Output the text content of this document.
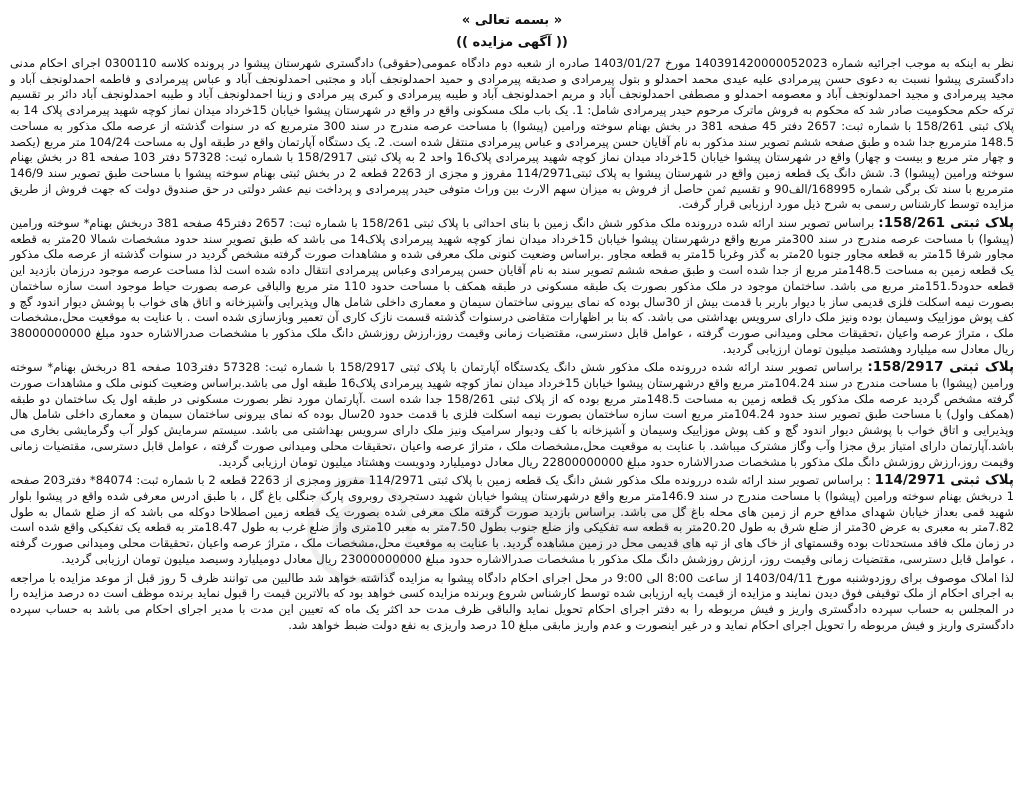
« بسمه تعالی »
(( آگهی مزایده ))

نظر به اینکه به موجب اجرائیه شماره 140391420000052023 مورخ 1403/01/27 صادره از شعبه دوم دادگاه عمومی(حقوقی) دادگستری شهرستان پیشوا در پرونده کلاسه 0300110 اجرای احکام مدنی دادگستری پیشوا نسبت به دعوی حسن پیرمرادی علیه عیدی محمد احمدلو و بتول پیرمرادی و صدیقه پیرمرادی و حمید احمدلونجف آباد و مجتبی احمدلونجف آباد و عباس پیرمرادی و فاطمه احمدلونجف آباد و مجید پیرمرادی و مجید احمدلونجف آباد و معصومه احمدلو و مصطفی احمدلونجف آباد و مریم احمدلونجف آباد و طیبه پیرمرادی و کبری پیر مرادی و زینا احمدلونجف آباد و طیبه احمدلونجف آباد دائر بر تقسیم ترکه حکم محکومیت صادر شد که محکوم به فروش ماترک مرحوم حیدر پیرمرادی شامل: 1. یک باب ملک مسکونی واقع در واقع در شهرستان پیشوا خیابان 15خرداد میدان نماز کوچه شهید پیرمرادی پلاک 14 به پلاک ثبتی 158/261 با شماره ثبت: 2657 دفتر 45 صفحه 381 در بخش بهنام سوخته ورامین (پیشوا) با مساحت عرصه مندرج در سند 300 مترمربع که در سنوات گذشته از عرصه ملک مذکور به مساحت 148.5 مترمربع جدا شده و طبق صفحه ششم تصویر سند مذکور به نام آقایان حسن پیرمرادی و عباس پیرمرادی منتقل شده است. 2. یک دستگاه آپارتمان واقع در طبقه اول به مساحت 104/24 متر مربع (یکصد و چهار متر مربع و بیست و چهار) واقع در شهرستان پیشوا خیابان 15خرداد میدان نماز کوچه شهید پیرمرادی پلاک16 واحد 2 به پلاک ثبتی 158/2917 با شماره ثبت: 57328 دفتر 103 صفحه 81 در بخش بهنام سوخته ورامین (پیشوا) 3. شش دانگ یک قطعه زمین واقع در شهرستان پیشوا به پلاک ثبتی114/2971 مفروز و مجزی از 2263 قطعه 2 در بخش ثبتی بهنام سوخته پیشوا با مساحت طبق تصویر سند 146/9 مترمربع با سند تک برگی شماره 168995/الف90 و تقسیم ثمن حاصل از فروش به میزان سهم الارث بین وراث متوفی حیدر پیرمرادی و پرداخت نیم عشر دولتی در حق صندوق دولت که جهت فروش از طریق مزایده توسط کارشناس رسمی به شرح ذیل مورد ارزیابی قرار گرفت.

پلاک ثبتی 158/261: براساس تصویر سند ارائه شده دررونده ملک مذکور شش دانگ زمین با بنای احداثی با پلاک ثبتی 158/261 با شماره ثبت: 2657 دفتر45 صفحه 381 دربخش بهنام* سوخته ورامین (پیشوا) با مساحت عرصه مندرج در سند 300متر مربع واقع درشهرستان پیشوا خیابان 15خرداد میدان نماز کوچه شهید پیرمرادی پلاک14 می باشد که طبق تصویر سند حدود مشخصات شمالا 20متر به قطعه مجاور شرقا 15متر به قطعه مجاور جنوبا 20متر به گذر وغربا 15متر به قطعه مجاور .براساس وضعیت کنونی ملک معرفی شده و مشاهدات صورت گرفته مشخص گردید در سنوات گذشته از عرصه ملک مذکور یک قطعه زمین به مساحت 148.5متر مربع از جدا شده است و طبق صفحه ششم تصویر سند به نام آقایان حسن پیرمرادی وعباس پیرمرادی انتقال داده شده است لذا مساحت عرصه موجود درزمان بازدید این قطعه حدود151.5متر مربع می باشد. ساختمان موجود در ملک مذکور بصورت یک طبقه مسکونی در طبقه همکف با مساحت حدود 110 متر مربع والباقی عرصه بصورت حیاط موجود است سازه ساختمان بصورت نیمه اسکلت فلزی قدیمی ساز با دیوار باربر با قدمت بیش از 30سال بوده که نمای بیرونی ساختمان سیمان و معماری داخلی شامل هال وپذیرایی وآشپزخانه و اتاق های خواب با پوشش دیوار اندود گچ و کف پوش موزاییک وسیمان بوده ونیز ملک دارای سرویس بهداشتی می باشد. که بنا بر اظهارات متقاضی درسنوات گذشته قسمت نازک کاری آن تعمیر وبازسازی شده است . با عنایت به موقعیت محل،مشخصات ملک ، متراژ عرصه واعیان ،تحقیقات محلی ومیدانی صورت گرفته ، عوامل قابل دسترسی، مقتضیات زمانی وقیمت روز،ارزش روزشش دانگ ملک مذکور با مشخصات صدرالاشاره حدود مبلغ 38000000000 ریال معادل سه میلیارد وهشتصد میلیون تومان ارزیابی گردید.

پلاک ثبتی 158/2917: براساس تصویر سند ارائه شده دررونده ملک مذکور شش دانگ یکدستگاه آپارتمان با پلاک ثبتی 158/2917 با شماره ثبت: 57328 دفتر103 صفحه 81 دربخش بهنام* سوخته ورامین (پیشوا) با مساحت مندرج در سند 104.24متر مربع واقع درشهرستان پیشوا خیابان 15خرداد میدان نماز کوچه شهید پیرمرادی پلاک16 طبقه اول می باشد.براساس وضعیت کنونی ملک و مشاهدات صورت گرفته مشخص گردید عرصه ملک مذکور یک قطعه زمین به مساحت 148.5متر مربع بوده که از پلاک ثبتی 158/261 جدا شده است .آپارتمان مورد نظر بصورت مسکونی در طبقه اول یک ساختمان دو طبقه (همکف واول) با مساحت طبق تصویر سند حدود 104.24متر مربع است سازه ساختمان بصورت نیمه اسکلت فلزی با قدمت حدود 20سال بوده که نمای بیرونی ساختمان سیمان و معماری داخلی شامل هال وپذیرایی و اتاق خواب با پوشش دیوار اندود گچ و کف پوش موزاییک وسیمان و آشپزخانه با کف ودیوار سرامیک ونیز ملک دارای سرویس بهداشتی می باشد. سیستم سرمایش کولر آب وگرمایشی بخاری می باشد.آپارتمان دارای امتیاز برق مجزا وآب وگاز مشترک میباشد. با عنایت به موقعیت محل،مشخصات ملک ، متراژ عرصه واعیان ،تحقیقات محلی ومیدانی صورت گرفته ، عوامل قابل دسترسی، مقتضیات زمانی وقیمت روز،ارزش روزشش دانگ ملک مذکور با مشخصات صدرالاشاره حدود مبلغ 22800000000 ریال معادل دومیلیارد ودویست وهشتاد میلیون تومان ارزیابی گردید.

پلاک ثبتی 114/2971 : براساس تصویر سند ارائه شده دررونده ملک مذکور شش دانگ یک قطعه زمین با پلاک ثبتی 114/2971 مفروز ومجزی از 2263 قطعه 2 با شماره ثبت: 84074* دفتر203 صفحه 1 دربخش بهنام سوخته ورامین (پیشوا) با مساحت مندرج در سند 146.9متر مربع واقع درشهرستان پیشوا خیابان شهید دستجردی روبروی پارک جنگلی باغ گل ، با طبق ادرس معرفی شده واقع در پیشوا بلوار شهید قمی بعداز خیابان شهدای مدافع حرم از زمین های محله باغ گل می باشد. براساس بازدید صورت گرفته ملک معرفی شده بصورت یک قطعه زمین اصطلاحا دوکله می باشد که از ضلع شمال به طول 7.82متر به معبری به عرض 30متر از ضلع شرق به طول 20.20متر به قطعه سه تفکیکی واز ضلع جنوب بطول 7.50متر به معبر 10متری واز ضلع غرب به طول 18.47متر به قطعه یک تفکیکی واقع شده است در زمان ملک فاقد مستحدثات بوده وقسمتهای از خاک های از تپه های قدیمی محل در زمین مشاهده گردید. با عنایت به موقعیت محل،مشخصات ملک ، متراژ عرصه واعیان ،تحقیقات محلی ومیدانی صورت گرفته ، عوامل قابل دسترسی، مقتضیات زمانی وقیمت روز، ارزش روزشش دانگ ملک مذکور با مشخصات صدرالاشاره حدود مبلغ 23000000000 ریال معادل دومیلیارد وسیصد میلیون تومان ارزیابی گردید.

لذا املاک موصوف برای روزدوشنبه مورخ 1403/04/11 از ساعت 8:00 الی 9:00 در محل اجرای احکام دادگاه پیشوا به مزایده گذاشته خواهد شد طالبین می توانند ظرف 5 روز قبل از موعد مزایده با مراجعه به اجرای احکام از ملک توقیفی فوق دیدن نمایند و مزایده از قیمت پایه ارزیابی شده توسط کارشناس شروع وبرنده مزایده کسی خواهد بود که بالاترین قیمت را قبول نماید برنده موظف است ده درصد مزایده را در المجلس به حساب سپرده دادگستری واریز و فیش مربوطه را به دفتر اجرای احکام تحویل نماید والباقی ظرف مدت حد اکثر یک ماه که تعیین این مدت با مدیر اجرای احکام می باشد به حساب سپرده دادگستری واریز و فیش مربوطه را تحویل اجرای احکام نماید و در غیر اینصورت و عدم واریز مابقی مبلغ 10 درصد واریزی به نفع دولت ضبط خواهد شد.
